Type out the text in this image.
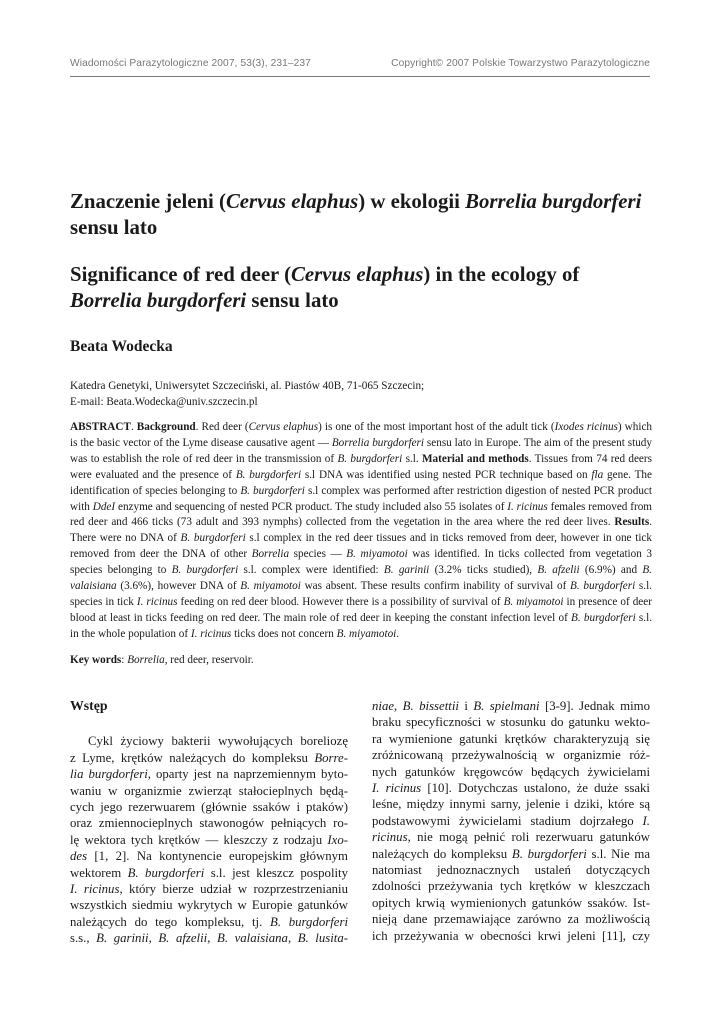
Wiadomości Parazytologiczne 2007, 53(3), 231–237	Copyright© 2007 Polskie Towarzystwo Parazytologiczne
Znaczenie jeleni (Cervus elaphus) w ekologii Borrelia burgdorferi sensu lato
Significance of red deer (Cervus elaphus) in the ecology of Borrelia burgdorferi sensu lato
Beata Wodecka
Katedra Genetyki, Uniwersytet Szczeciński, al. Piastów 40B, 71-065 Szczecin;
E-mail: Beata.Wodecka@univ.szczecin.pl

ABSTRACT. Background. Red deer (Cervus elaphus) is one of the most important host of the adult tick (Ixodes ricinus) which is the basic vector of the Lyme disease causative agent — Borrelia burgdorferi sensu lato in Europe. The aim of the present study was to establish the role of red deer in the transmission of B. burgdorferi s.l. Material and methods. Tissues from 74 red deers were evaluated and the presence of B. burgdorferi s.l DNA was identified using nested PCR technique based on fla gene. The identification of species belonging to B. burgdorferi s.l complex was performed after restriction digestion of nested PCR product with DdeI enzyme and sequencing of nested PCR product. The study included also 55 isolates of I. ricinus females removed from red deer and 466 ticks (73 adult and 393 nymphs) collected from the vegetation in the area where the red deer lives. Results. There were no DNA of B. burgdorferi s.l complex in the red deer tissues and in ticks removed from deer, however in one tick removed from deer the DNA of other Borrelia species — B. miyamotoi was identified. In ticks collected from vegetation 3 species belonging to B. burgdorferi s.l. complex were identified: B. garinii (3.2% ticks studied), B. afzelii (6.9%) and B. valaisiana (3.6%), however DNA of B. miyamotoi was absent. These results confirm inability of survival of B. burgdorferi s.l. species in tick I. ricinus feeding on red deer blood. However there is a possibility of survival of B. miyamotoi in presence of deer blood at least in ticks feeding on red deer. The main role of red deer in keeping the constant infection level of B. burgdorferi s.l. in the whole population of I. ricinus ticks does not concern B. miyamotoi.

Key words: Borrelia, red deer, reservoir.
Wstęp

Cykl życiowy bakterii wywołujących boreliozę
z Lyme, krętków należących do kompleksu Borre-
lia burgdorferi, oparty jest na naprzemiennym byto-
waniu w organizmie zwierząt stałocieplnych będą-
cych jego rezerwuarem (głównie ssaków i ptaków)
oraz zmiennocieplnych stawonogów pełniących ro-
lę wektora tych krętków — kleszczy z rodzaju Ixo-
des [1, 2]. Na kontynencie europejskim głównym
wektorem B. burgdorferi s.l. jest kleszcz pospolity
I. ricinus, który bierze udział w rozprzestrzenianiu
wszystkich siedmiu wykrytych w Europie gatunków
należących do tego kompleksu, tj. B. burgdorferi
s.s., B. garinii, B. afzelii, B. valaisiana, B. lusita-

niae, B. bissettii i B. spielmani [3-9]. Jednak mimo
braku specyficzności w stosunku do gatunku wekto-
ra wymienione gatunki krętków charakteryzują się
zróżnicowaną przeżywalnością w organizmie róż-
nych gatunków kręgowców będących żywicielami
I. ricinus [10]. Dotychczas ustalono, że duże ssaki
leśne, między innymi sarny, jelenie i dziki, które są
podstawowymi żywicielami stadium dojrzałego I.
ricinus, nie mogą pełnić roli rezerwuaru gatunków
należących do kompleksu B. burgdorferi s.l. Nie ma
natomiast jednoznacznych ustaleń dotyczących
zdolności przeżywania tych krętków w kleszczach
opitych krwią wymienionych gatunków ssaków. Ist-
nieją dane przemawiające zarówno za możliwością
ich przeżywania w obecności krwi jeleni [11], czy
